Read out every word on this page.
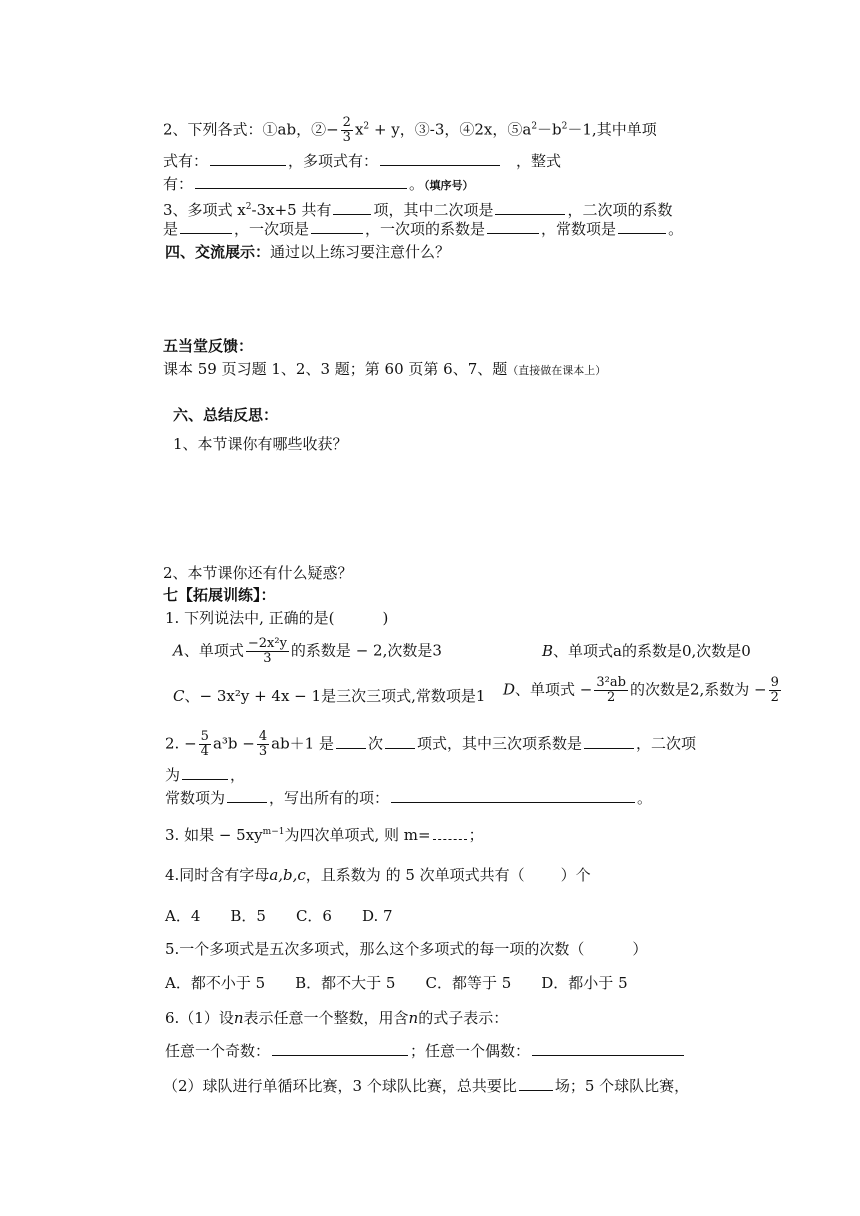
2、下列各式：①ab，②− $\frac{2}{3} x^2 + y$，③-3，④2x，$⑤a^2-b^2-1$,其中单项
式有：	，多项式有：	，整式
有：	。（填序号）
3、多项式 $x^2-3x+5$ 共有	项，其中二次项是	，二次项的系数
是	，一次项是	，一次项的系数是	，常数项是	。
四、交流展示：通过以上练习要注意什么？
五当堂反馈：
课本 59 页习题 1、2、3 题；第 60 页第 6、7、题（直接做在课本上）
六、总结反思：
1、本节课你有哪些收获？
2、本节课你还有什么疑惑？
七【拓展训练】：
1. 下列说法中, 正确的是(	)
A、单项式 $\frac{\text{−2x²y}}{3}$ 的系数是 − 2,次数是3	B、单项式a的系数是0,次数是0
C、− 3x²y + 4x − 1是三次三项式,常数项是1 D、单项式 − $\frac{\text{3²ab}}{2}$ 的次数是2,系数为 − $\frac{9}{2}$
2. − $\frac{5}{4} a^3b - \frac{4}{3} ab+1$ 是 次 项式，其中三次项系数是	，二次项
为	，
常数项为	，写出所有的项：	。
3. 如果 − $5xy^{m-1}$为四次单项式, 则 m=	；
4.同时含有字母a,b,c，且系数为 的 5 次单项式共有（ ）个
A．4　　B．5　　C．6　　D. 7
5.一个多项式是五次多项式，那么这个多项式的每一项的次数（	）
A．都不小于 5　　B．都不大于 5　　C．都等于 5　　D．都小于 5
6.（1）设n表示任意一个整数，用含n的式子表示：
任意一个奇数：	；任意一个偶数：
（2）球队进行单循环比赛，3 个球队比赛，总共要比	场；5 个球队比赛，
